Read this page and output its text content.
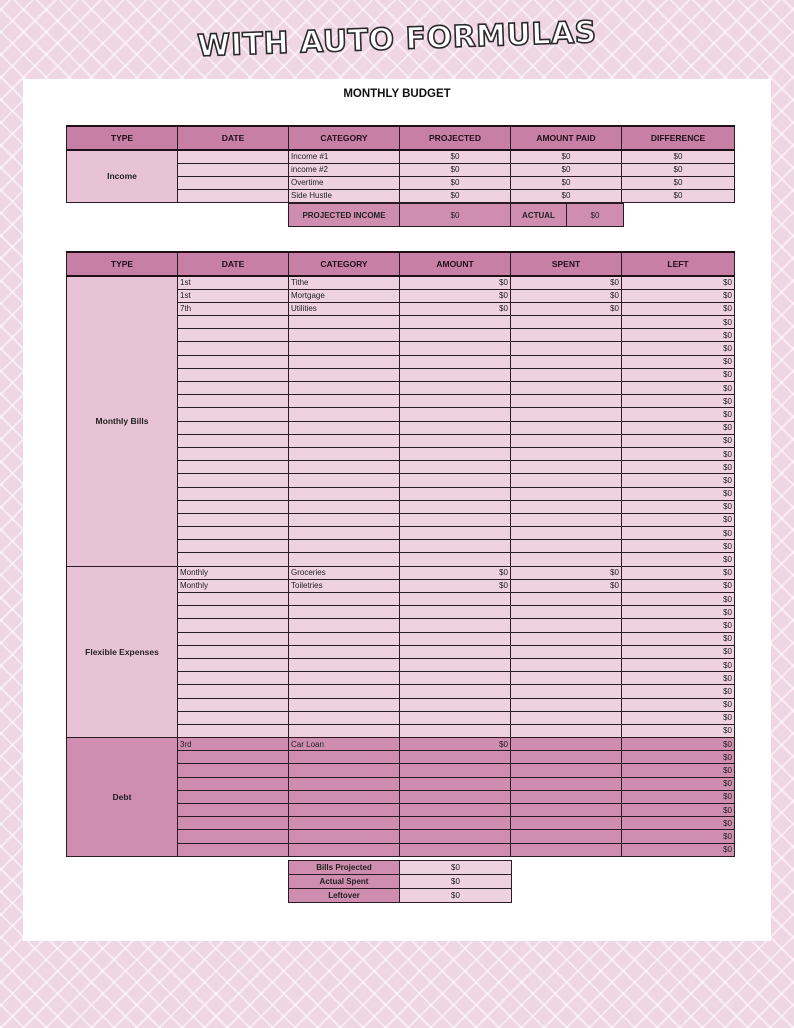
WITH AUTO FORMULAS
MONTHLY BUDGET
TYPE	DATE	CATEGORY	PROJECTED	AMOUNT PAID	DIFFERENCE
Income		Income #1	$0	$0	$0
		income #2	$0	$0	$0
		Overtime	$0	$0	$0
		Side Hustle	$0	$0	$0
PROJECTED INCOME	$0	ACTUAL	$0
TYPE	DATE	CATEGORY	AMOUNT	SPENT	LEFT
Monthly Bills	1st	Tithe	$0	$0	$0
	1st	Mortgage	$0	$0	$0
	7th	Utilities	$0	$0	$0
					$0
					$0
					$0
					$0
					$0
					$0
					$0
					$0
					$0
					$0
					$0
					$0
					$0
					$0
					$0
					$0
					$0
					$0
					$0
Flexible Expenses	Monthly	Groceries	$0	$0	$0
	Monthly	Toiletries	$0	$0	$0
					$0
					$0
					$0
					$0
					$0
					$0
					$0
					$0
					$0
					$0
					$0
Debt	3rd	Car Loan	$0		$0
					$0
					$0
					$0
					$0
					$0
					$0
					$0
					$0
Bills Projected	$0
Actual Spent	$0
Leftover	$0
